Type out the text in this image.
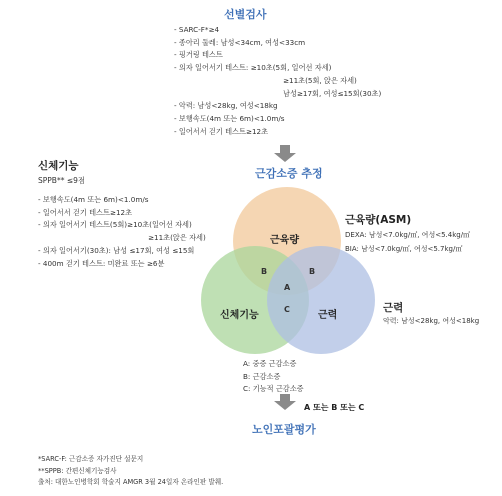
선별검사
- SARC-F*≥4
- 종아리 둘레: 남성<34cm, 여성<33cm
- 핑거링 테스트
- 의자 일어서기 테스트: ≥10초(5회, 일어선 자세)
≥11초(5회, 앉은 자세)
남성≥17회, 여성≤15회(30초)
- 악력: 남성<28kg, 여성<18kg
- 보행속도(4m 또는 6m)<1.0m/s
- 일어서서 걷기 테스트≥12초
근감소증 추정
신체기능
SPPB** ≤9점
- 보행속도(4m 또는 6m)<1.0m/s
- 일어서서 걷기 테스트≥12초
- 의자 일어서기 테스트(5회)≥10초(일어선 자세)
≥11초(앉은 자세)
- 의자 일어서기(30초): 남성 ≤17회, 여성 ≤15회
- 400m 걷기 테스트: 미완료 또는 ≥6분
근육량(ASM)
DEXA: 남성<7.0kg/㎡, 여성<5.4kg/㎡
BIA: 남성<7.0kg/㎡, 여성<5.7kg/㎡
근력
악력: 남성<28kg, 여성<18kg
근육량
신체기능	근력
B	B
A
C
A: 중증 근감소증
B: 근감소증
C: 기능적 근감소증
A 또는 B 또는 C
노인포괄평가
*SARC-F: 근감소증 자가진단 설문지
**SPPB: 간편신체기능검사
출처: 대한노인병학회 학술지 AMGR 3월 24일자 온라인판 발췌.
